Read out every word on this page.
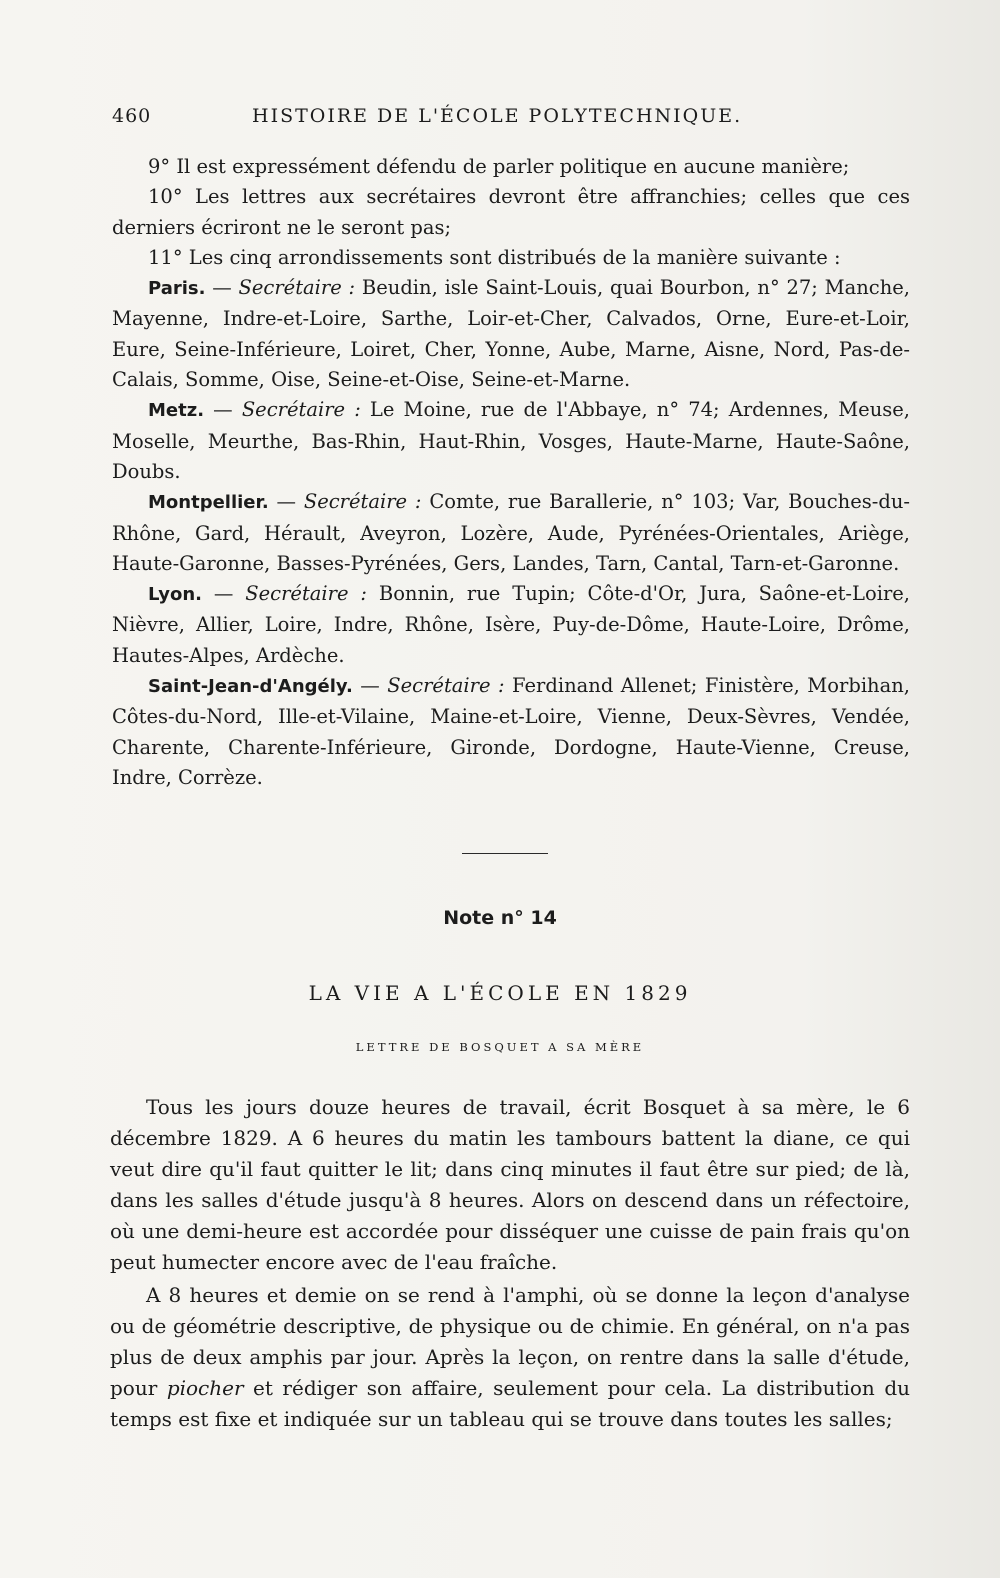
460	HISTOIRE DE L'ÉCOLE POLYTECHNIQUE.

9° Il est expressément défendu de parler politique en aucune manière;

10° Les lettres aux secrétaires devront être affranchies; celles que ces derniers écriront ne le seront pas;

11° Les cinq arrondissements sont distribués de la manière suivante :

Paris. — Secrétaire : Beudin, isle Saint-Louis, quai Bourbon, n° 27; Manche, Mayenne, Indre-et-Loire, Sarthe, Loir-et-Cher, Calvados, Orne, Eure-et-Loir, Eure, Seine-Inférieure, Loiret, Cher, Yonne, Aube, Marne, Aisne, Nord, Pas-de-Calais, Somme, Oise, Seine-et-Oise, Seine-et-Marne.

Metz. — Secrétaire : Le Moine, rue de l'Abbaye, n° 74; Ardennes, Meuse, Moselle, Meurthe, Bas-Rhin, Haut-Rhin, Vosges, Haute-Marne, Haute-Saône, Doubs.

Montpellier. — Secrétaire : Comte, rue Barallerie, n° 103; Var, Bouches-du-Rhône, Gard, Hérault, Aveyron, Lozère, Aude, Pyrénées-Orientales, Ariège, Haute-Garonne, Basses-Pyrénées, Gers, Landes, Tarn, Cantal, Tarn-et-Garonne.

Lyon. — Secrétaire : Bonnin, rue Tupin; Côte-d'Or, Jura, Saône-et-Loire, Nièvre, Allier, Loire, Indre, Rhône, Isère, Puy-de-Dôme, Haute-Loire, Drôme, Hautes-Alpes, Ardèche.

Saint-Jean-d'Angély. — Secrétaire : Ferdinand Allenet; Finistère, Morbihan, Côtes-du-Nord, Ille-et-Vilaine, Maine-et-Loire, Vienne, Deux-Sèvres, Vendée, Charente, Charente-Inférieure, Gironde, Dordogne, Haute-Vienne, Creuse, Indre, Corrèze.

Note n° 14
LA VIE A L'ÉCOLE EN 1829
LETTRE DE BOSQUET A SA MÈRE

Tous les jours douze heures de travail, écrit Bosquet à sa mère, le 6 décembre 1829. A 6 heures du matin les tambours battent la diane, ce qui veut dire qu'il faut quitter le lit; dans cinq minutes il faut être sur pied; de là, dans les salles d'étude jusqu'à 8 heures. Alors on descend dans un réfectoire, où une demi-heure est accordée pour disséquer une cuisse de pain frais qu'on peut humecter encore avec de l'eau fraîche.

A 8 heures et demie on se rend à l'amphi, où se donne la leçon d'analyse ou de géométrie descriptive, de physique ou de chimie. En général, on n'a pas plus de deux amphis par jour. Après la leçon, on rentre dans la salle d'étude, pour piocher et rédiger son affaire, seulement pour cela. La distribution du temps est fixe et indiquée sur un tableau qui se trouve dans toutes les salles;
